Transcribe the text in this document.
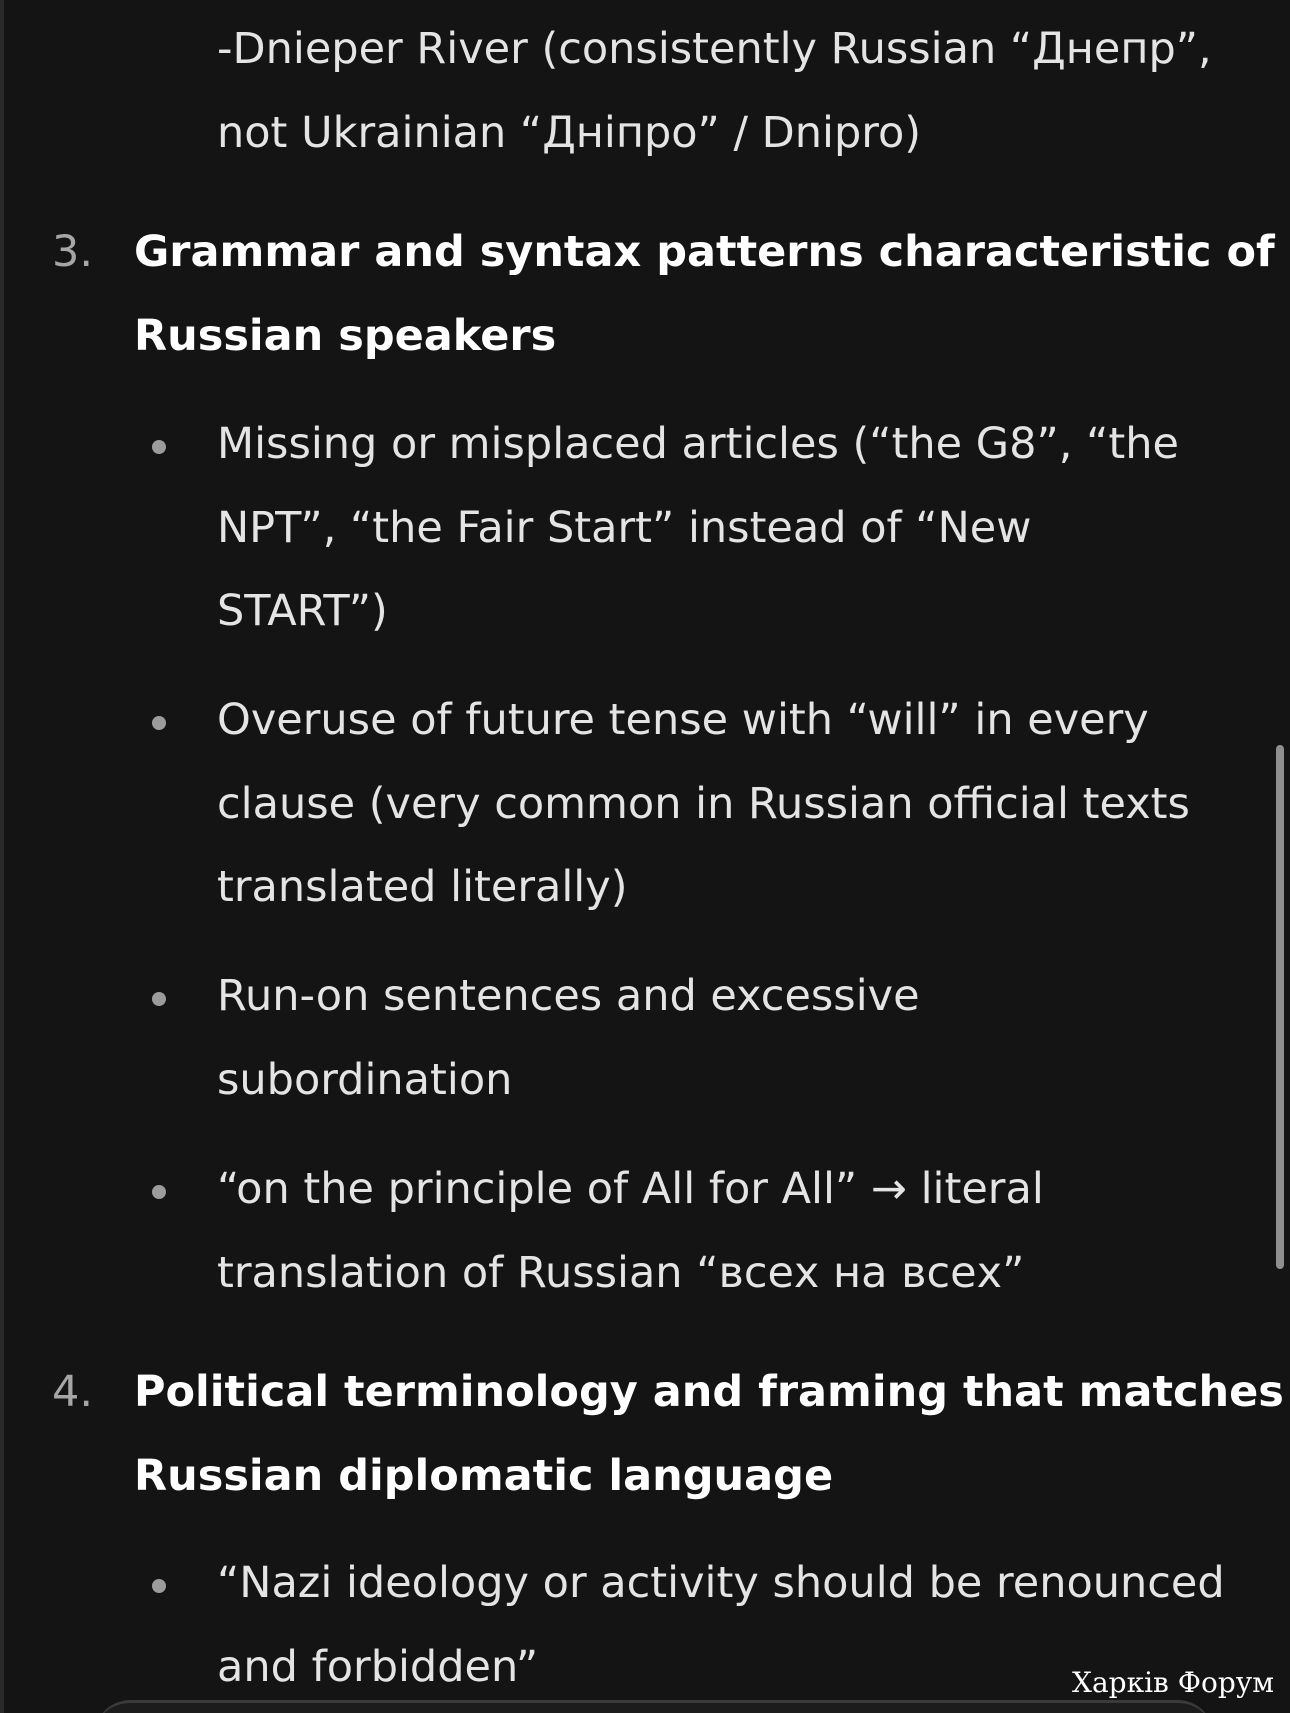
-Dnieper River (consistently Russian “Днепр”,
not Ukrainian “Дніпро” / Dnipro)
3. Grammar and syntax patterns characteristic of
Russian speakers
Missing or misplaced articles (“the G8”, “the
NPT”, “the Fair Start” instead of “New
START”)
Overuse of future tense with “will” in every
clause (very common in Russian official texts
translated literally)
Run-on sentences and excessive
subordination
“on the principle of All for All” → literal
translation of Russian “всех на всех”
4. Political terminology and framing that matches
Russian diplomatic language
“Nazi ideology or activity should be renounced
and forbidden”	Харків Форум
